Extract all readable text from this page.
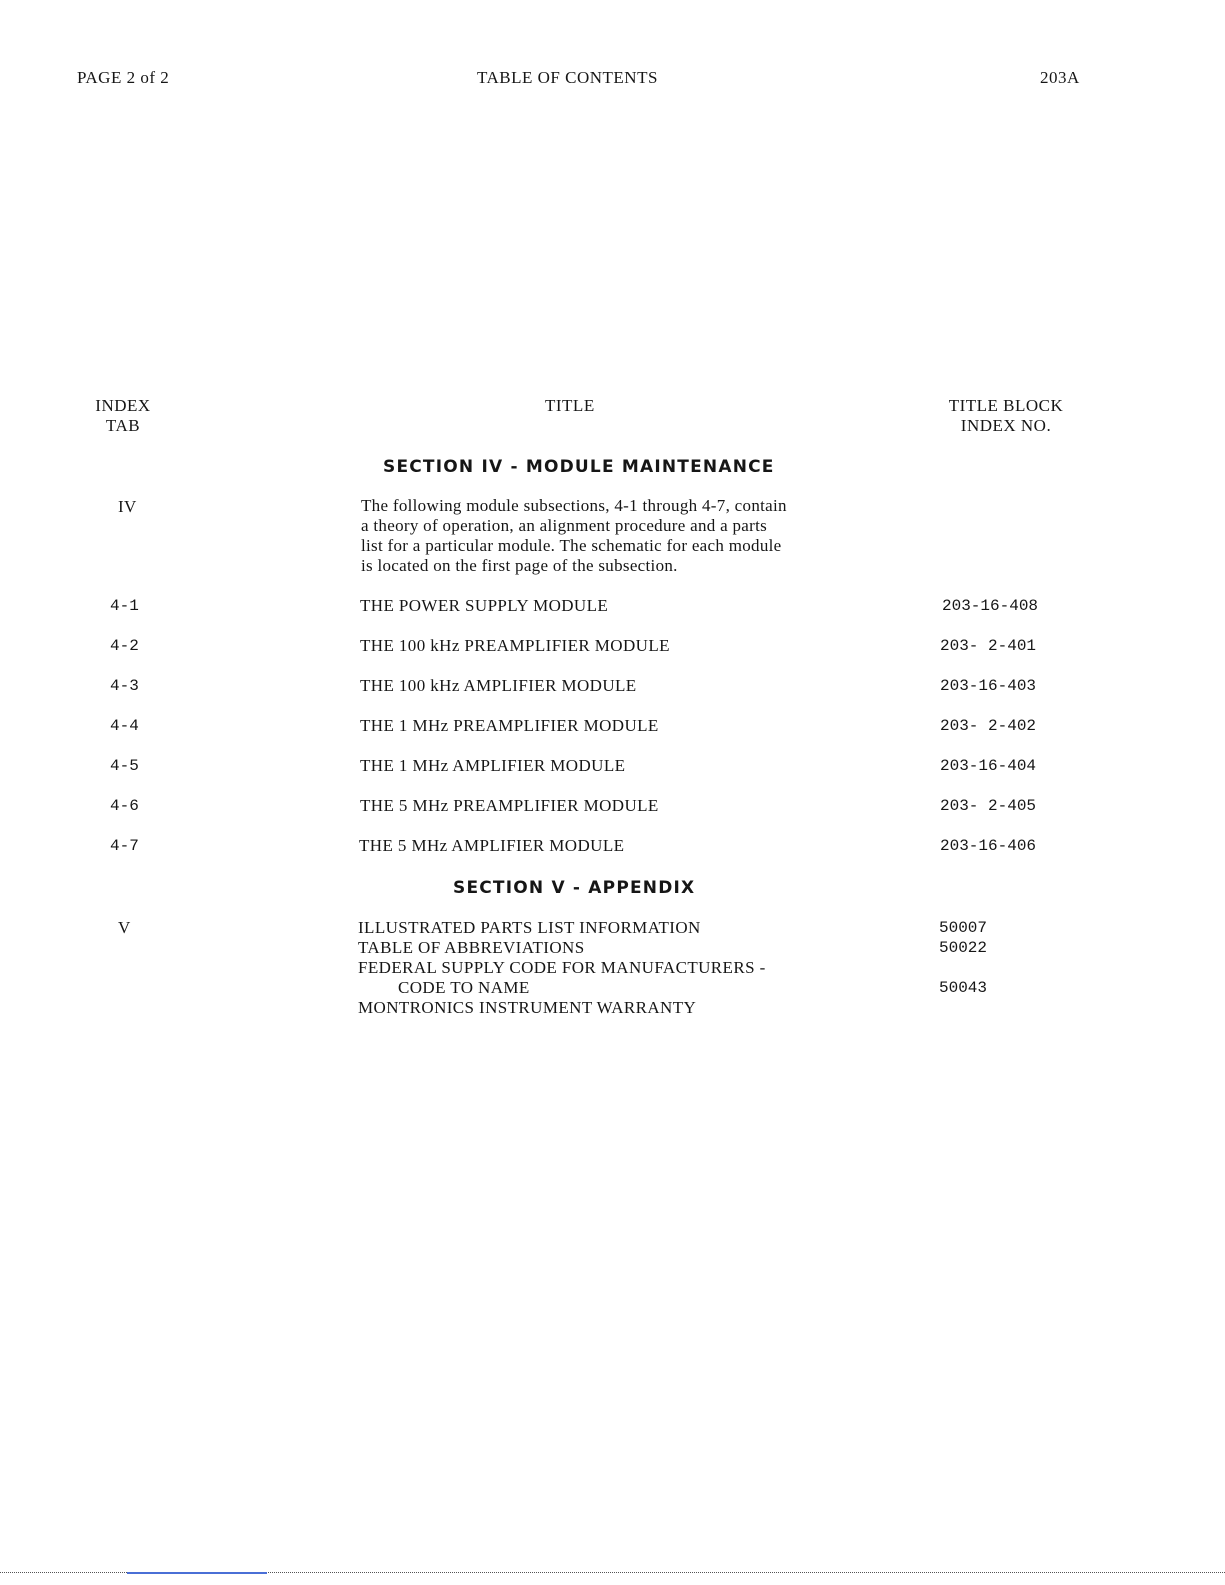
PAGE 2 of 2	TABLE OF CONTENTS	203A
INDEX
TAB
TITLE	TITLE BLOCK
INDEX NO.
SECTION IV - MODULE MAINTENANCE
IV	The following module subsections, 4-1 through 4-7, contain
a theory of operation, an alignment procedure and a parts
list for a particular module. The schematic for each module
is located on the first page of the subsection.
4-1	THE POWER SUPPLY MODULE	203-16-408
4-2	THE 100 kHz PREAMPLIFIER MODULE	203- 2-401
4-3	THE 100 kHz AMPLIFIER MODULE	203-16-403
4-4	THE 1 MHz PREAMPLIFIER MODULE	203- 2-402
4-5	THE 1 MHz AMPLIFIER MODULE	203-16-404
4-6	THE 5 MHz PREAMPLIFIER MODULE	203- 2-405
4-7	THE 5 MHz AMPLIFIER MODULE	203-16-406
SECTION V - APPENDIX
V	ILLUSTRATED PARTS LIST INFORMATION	50007
TABLE OF ABBREVIATIONS	50022
FEDERAL SUPPLY CODE FOR MANUFACTURERS -
CODE TO NAME	50043
MONTRONICS INSTRUMENT WARRANTY
